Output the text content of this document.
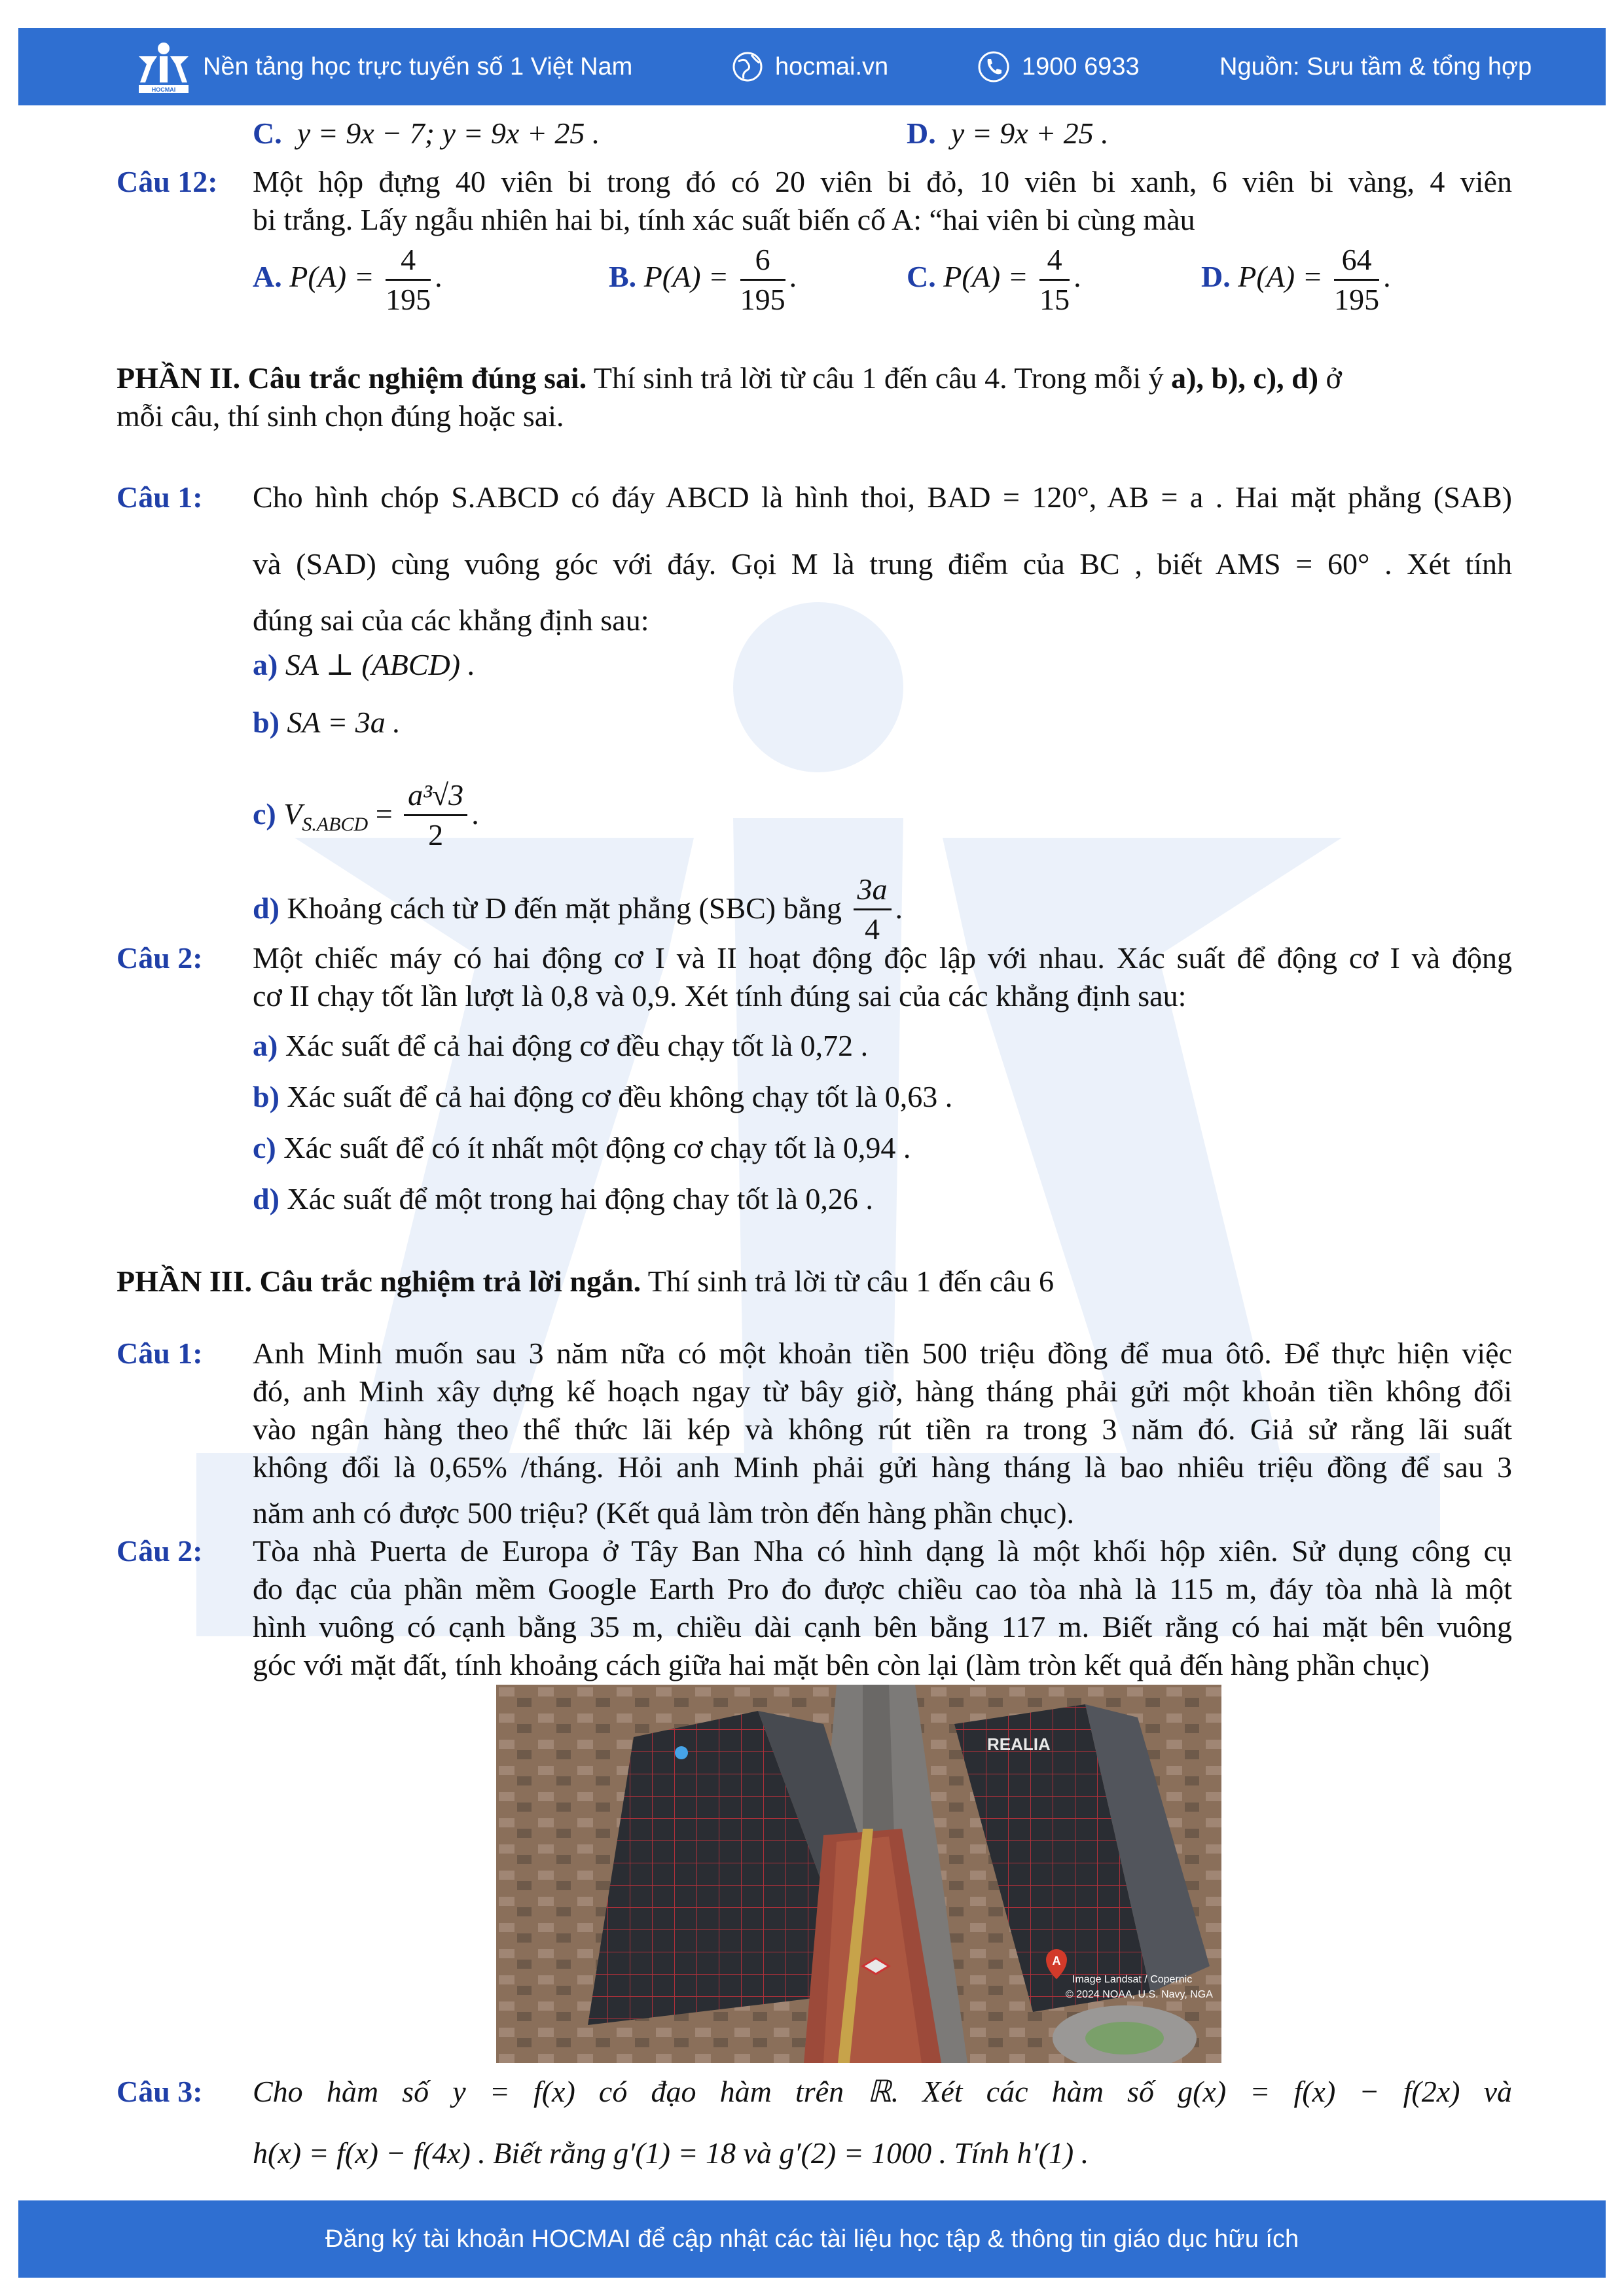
HOCMAI
Nền tảng học trực tuyến số 1 Việt Nam	hocmai.vn	1900 6933	Nguồn: Sưu tầm & tổng hợp
C. y = 9x − 7; y = 9x + 25 .	D. y = 9x + 25 .
Câu 12: Một hộp đựng 40 viên bi trong đó có 20 viên bi đỏ, 10 viên bi xanh, 6 viên bi vàng, 4 viên
bi trắng. Lấy ngẫu nhiên hai bi, tính xác suất biến cố A: “hai viên bi cùng màu
A. $P(A) = \frac{4}{195}$ .	B. $P(A) = \frac{6}{195}$ .	C. $P(A) = \frac{4}{15}$ .	D. $P(A) = \frac{64}{195}$ .
PHẦN II. Câu trắc nghiệm đúng sai. Thí sinh trả lời từ câu 1 đến câu 4. Trong mỗi ý a), b), c), d) ở
mỗi câu, thí sinh chọn đúng hoặc sai.
Câu 1: Cho hình chóp S.ABCD có đáy ABCD là hình thoi, BAD = 120°, AB = a . Hai mặt phẳng (SAB)
và (SAD) cùng vuông góc với đáy. Gọi M là trung điểm của BC , biết AMS = 60° . Xét tính
đúng sai của các khẳng định sau:
a) SA ⊥ (ABCD) .
b) SA = 3a .
c) $V_{S.ABCD} = \frac{\text{a³√3}}{2}$ .
d) Khoảng cách từ D đến mặt phẳng (SBC) bằng $\frac{3a}{4}$ .
Câu 2: Một chiếc máy có hai động cơ I và II hoạt động độc lập với nhau. Xác suất để động cơ I và động
cơ II chạy tốt lần lượt là 0,8 và 0,9. Xét tính đúng sai của các khẳng định sau:
a) Xác suất để cả hai động cơ đều chạy tốt là 0,72 .
b) Xác suất để cả hai động cơ đều không chạy tốt là 0,63 .
c) Xác suất để có ít nhất một động cơ chạy tốt là 0,94 .
d) Xác suất để một trong hai động chay tốt là 0,26 .
PHẦN III. Câu trắc nghiệm trả lời ngắn. Thí sinh trả lời từ câu 1 đến câu 6
Câu 1: Anh Minh muốn sau 3 năm nữa có một khoản tiền 500 triệu đồng để mua ôtô. Để thực hiện việc
đó, anh Minh xây dựng kế hoạch ngay từ bây giờ, hàng tháng phải gửi một khoản tiền không đổi
vào ngân hàng theo thể thức lãi kép và không rút tiền ra trong 3 năm đó. Giả sử rằng lãi suất
không đổi là 0,65% /tháng. Hỏi anh Minh phải gửi hàng tháng là bao nhiêu triệu đồng để sau 3
năm anh có được 500 triệu? (Kết quả làm tròn đến hàng phần chục).
Câu 2: Tòa nhà Puerta de Europa ở Tây Ban Nha có hình dạng là một khối hộp xiên. Sử dụng công cụ
đo đạc của phần mềm Google Earth Pro đo được chiều cao tòa nhà là 115 m, đáy tòa nhà là một
hình vuông có cạnh bằng 35 m, chiều dài cạnh bên bằng 117 m. Biết rằng có hai mặt bên vuông
góc với mặt đất, tính khoảng cách giữa hai mặt bên còn lại (làm tròn kết quả đến hàng phần chục)
A
REALIA
Image Landsat / Copernic
© 2024 NOAA, U.S. Navy, NGA
Câu 3: Cho hàm số y = f(x) có đạo hàm trên ℝ. Xét các hàm số g(x) = f(x) − f(2x) và
h(x) = f(x) − f(4x) . Biết rằng g′(1) = 18 và g′(2) = 1000 . Tính h′(1) .
Đăng ký tài khoản HOCMAI để cập nhật các tài liệu học tập & thông tin giáo dục hữu ích
